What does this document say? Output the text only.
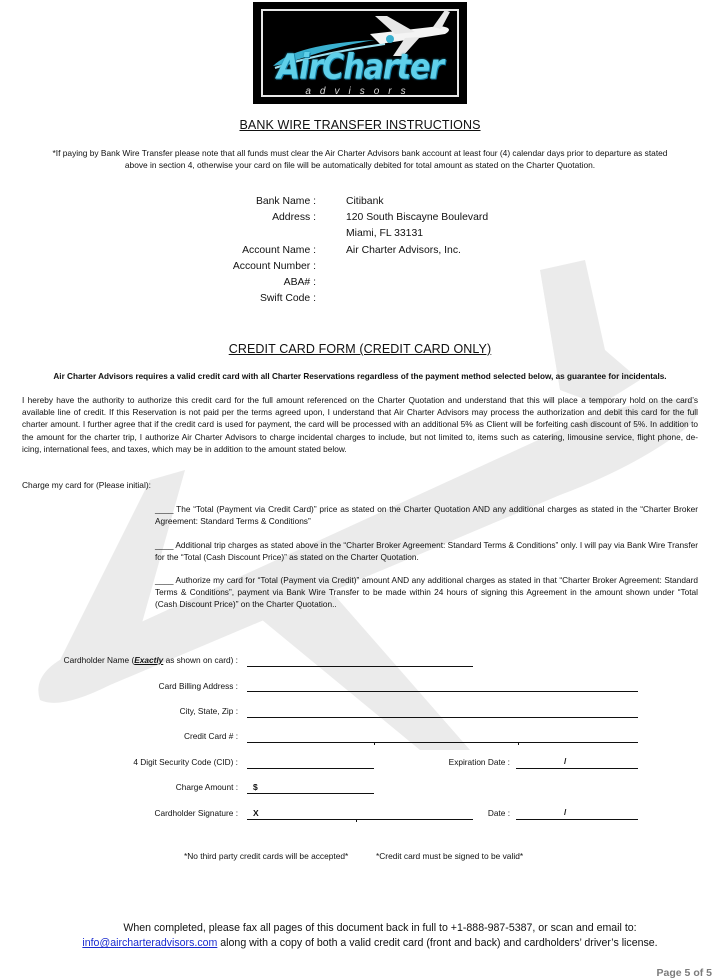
AirCharter
advisors
BANK WIRE TRANSFER INSTRUCTIONS
*If paying by Bank Wire Transfer please note that all funds must clear the Air Charter Advisors bank account at least four (4) calendar days prior to departure as stated
above in section 4, otherwise your card on file will be automatically debited for total amount as stated on the Charter Quotation.
Bank Name :	Citibank
Address :	120 South Biscayne Boulevard
Miami, FL 33131
Account Name :	Air Charter Advisors, Inc.
Account Number :
ABA# :
Swift Code :
CREDIT CARD FORM (CREDIT CARD ONLY)
Air Charter Advisors requires a valid credit card with all Charter Reservations regardless of the payment method selected below, as guarantee for incidentals.
I hereby have the authority to authorize this credit card for the full amount referenced on the Charter Quotation and understand that this will place a temporary hold on the card’s available line of credit. If this Reservation is not paid per the terms agreed upon, I understand that Air Charter Advisors may process the authorization and debit this card for the full charter amount. I further agree that if the credit card is used for payment, the card will be processed with an additional 5% as Client will be forfeiting cash discount of 5%. In addition to the amount for the charter trip, I authorize Air Charter Advisors to charge incidental charges to include, but not limited to, items such as catering, limousine service, flight phone, de-icing, international fees, and taxes, which may be in addition to the amount stated below.
Charge my card for (Please initial):
____ The “Total (Payment via Credit Card)” price as stated on the Charter Quotation AND any additional charges as stated in the “Charter Broker Agreement: Standard Terms & Conditions”
____ Additional trip charges as stated above in the “Charter Broker Agreement: Standard Terms & Conditions” only. I will pay via Bank Wire Transfer for the “Total (Cash Discount Price)” as stated on the Charter Quotation.
____ Authorize my card for “Total (Payment via Credit)” amount AND any additional charges as stated in that “Charter Broker Agreement: Standard Terms & Conditions”, payment via Bank Wire Transfer to be made within 24 hours of signing this Agreement in the amount shown under “Total (Cash Discount Price)” on the Charter Quotation..
Cardholder Name (Exactly as shown on card) :
Card Billing Address :
City, State, Zip :
Credit Card # :
4 Digit Security Code (CID) :	Expiration Date :	/
Charge Amount : $
Cardholder Signature : X	Date :	/
*No third party credit cards will be accepted*	*Credit card must be signed to be valid*
When completed, please fax all pages of this document back in full to +1-888-987-5387, or scan and email to:
info@aircharteradvisors.com along with a copy of both a valid credit card (front and back) and cardholders’ driver’s license.
Page 5 of 5
